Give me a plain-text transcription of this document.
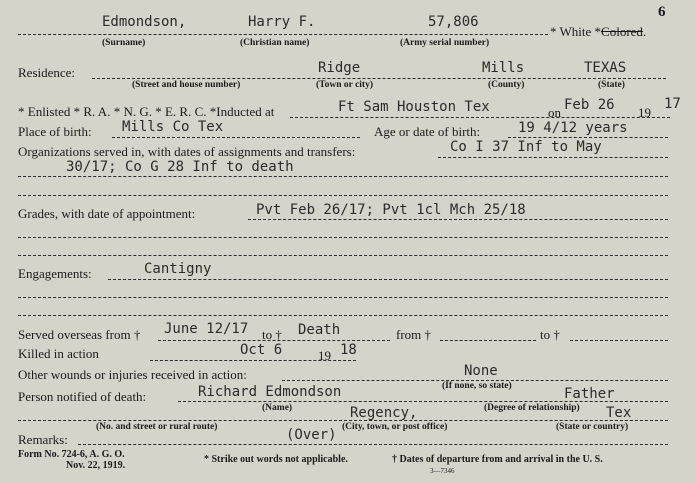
6
Edmondson,	Harry F.	57,806
* White *Colored.
(Surname)	(Christian name)	(Army serial number)
Residence:	Ridge	Mills	TEXAS
(Street and house number)	(Town or city)	(County)	(State)
* Enlisted * R. A. * N. G. * E. R. C. *Inducted at	Ft Sam Houston Tex	on Feb 26 19
17
Place of birth: Mills Co Tex	Age or date of birth:	19 4/12 years
Organizations served in, with dates of assignments and transfers:	Co I 37 Inf to May
30/17; Co G 28 Inf to death
Grades, with date of appointment:	Pvt Feb 26/17; Pvt 1cl Mch 25/18
Engagements:	Cantigny
Served overseas from † June 12/17 to † Death	from †	to †
Killed in action	Oct 6	19 18
Other wounds or injuries received in action:	None
(If none, so state)
Person notified of death:	Richard Edmondson	Father
(Name)	(Degree of relationship)
Regency,	Tex
(No. and street or rural route)	(City, town, or post office)	(State or country)
Remarks:	(Over)
Form No. 724-6, A. G. O.
Nov. 22, 1919.
* Strike out words not applicable.	† Dates of departure from and arrival in the U. S.
3—7346
